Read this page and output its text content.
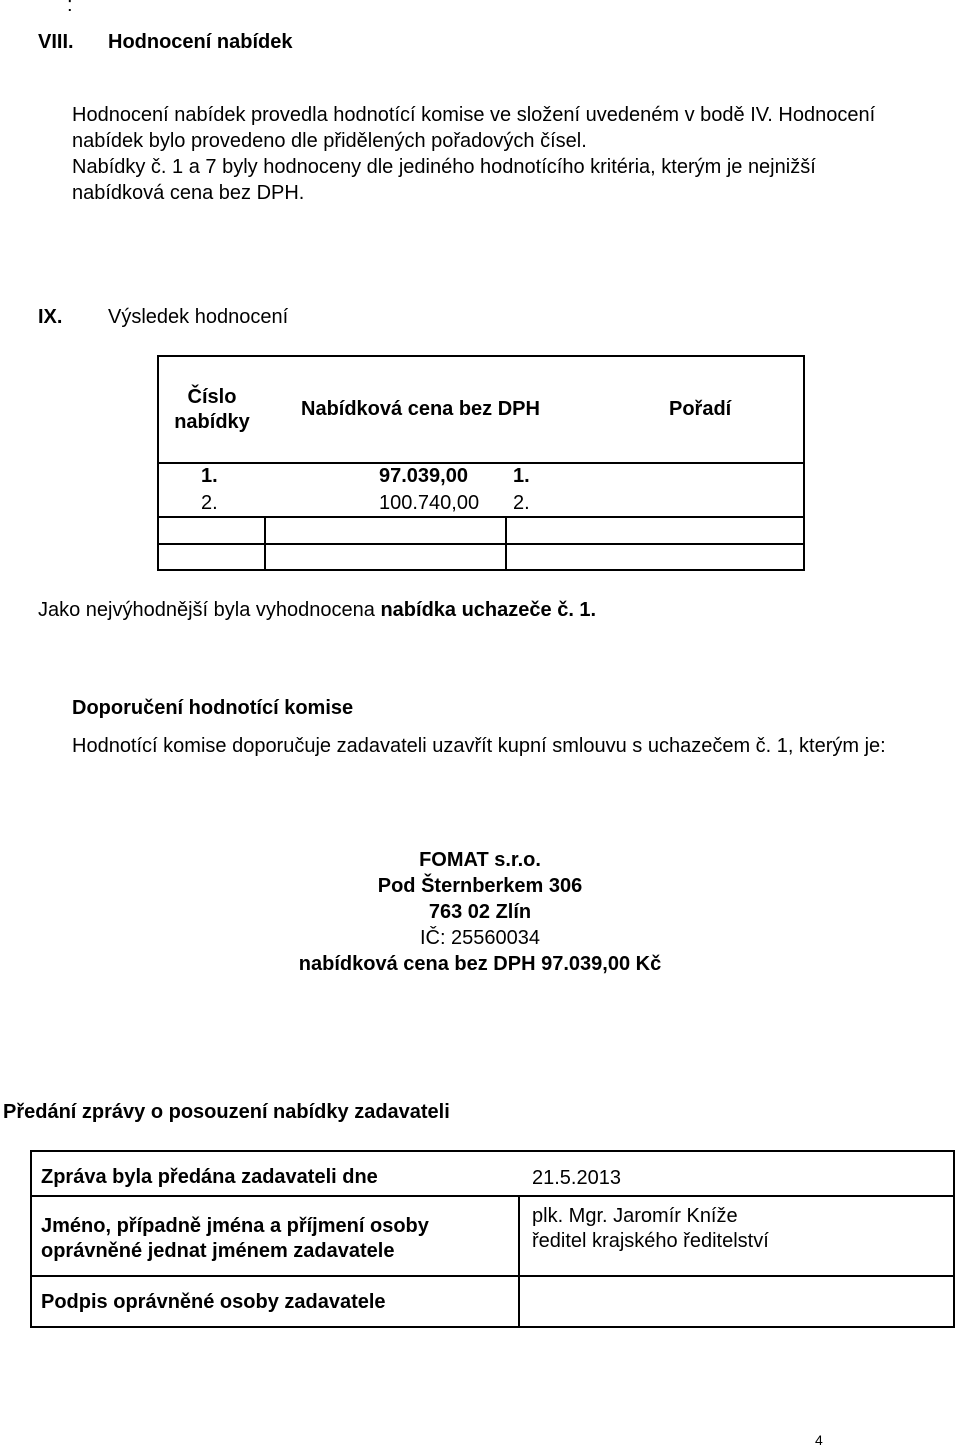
:
VIII. Hodnocení nabídek
Hodnocení nabídek provedla hodnotící komise ve složení uvedeném v bodě IV. Hodnocení
nabídek bylo provedeno dle přidělených pořadových čísel.
Nabídky č. 1 a 7 byly hodnoceny dle jediného hodnotícího kritéria, kterým je nejnižší
nabídková cena bez DPH.
IX. Výsledek hodnocení
Číslo
nabídky
Nabídková cena bez DPH	Pořadí
1.	97.039,00 1.
2.	100.740,00 2.
Jako nejvýhodnější byla vyhodnocena nabídka uchazeče č. 1.
Doporučení hodnotící komise
Hodnotící komise doporučuje zadavateli uzavřít kupní smlouvu s uchazečem č. 1, kterým je:
FOMAT s.r.o.
Pod Šternberkem 306
763 02 Zlín
IČ: 25560034
nabídková cena bez DPH 97.039,00 Kč
Předání zprávy o posouzení nabídky zadavateli
Zpráva byla předána zadavateli dne	21.5.2013
Jméno, případně jména a příjmení osoby
oprávněné jednat jménem zadavatele
plk. Mgr. Jaromír Kníže
ředitel krajského ředitelství
Podpis oprávněné osoby zadavatele
4
